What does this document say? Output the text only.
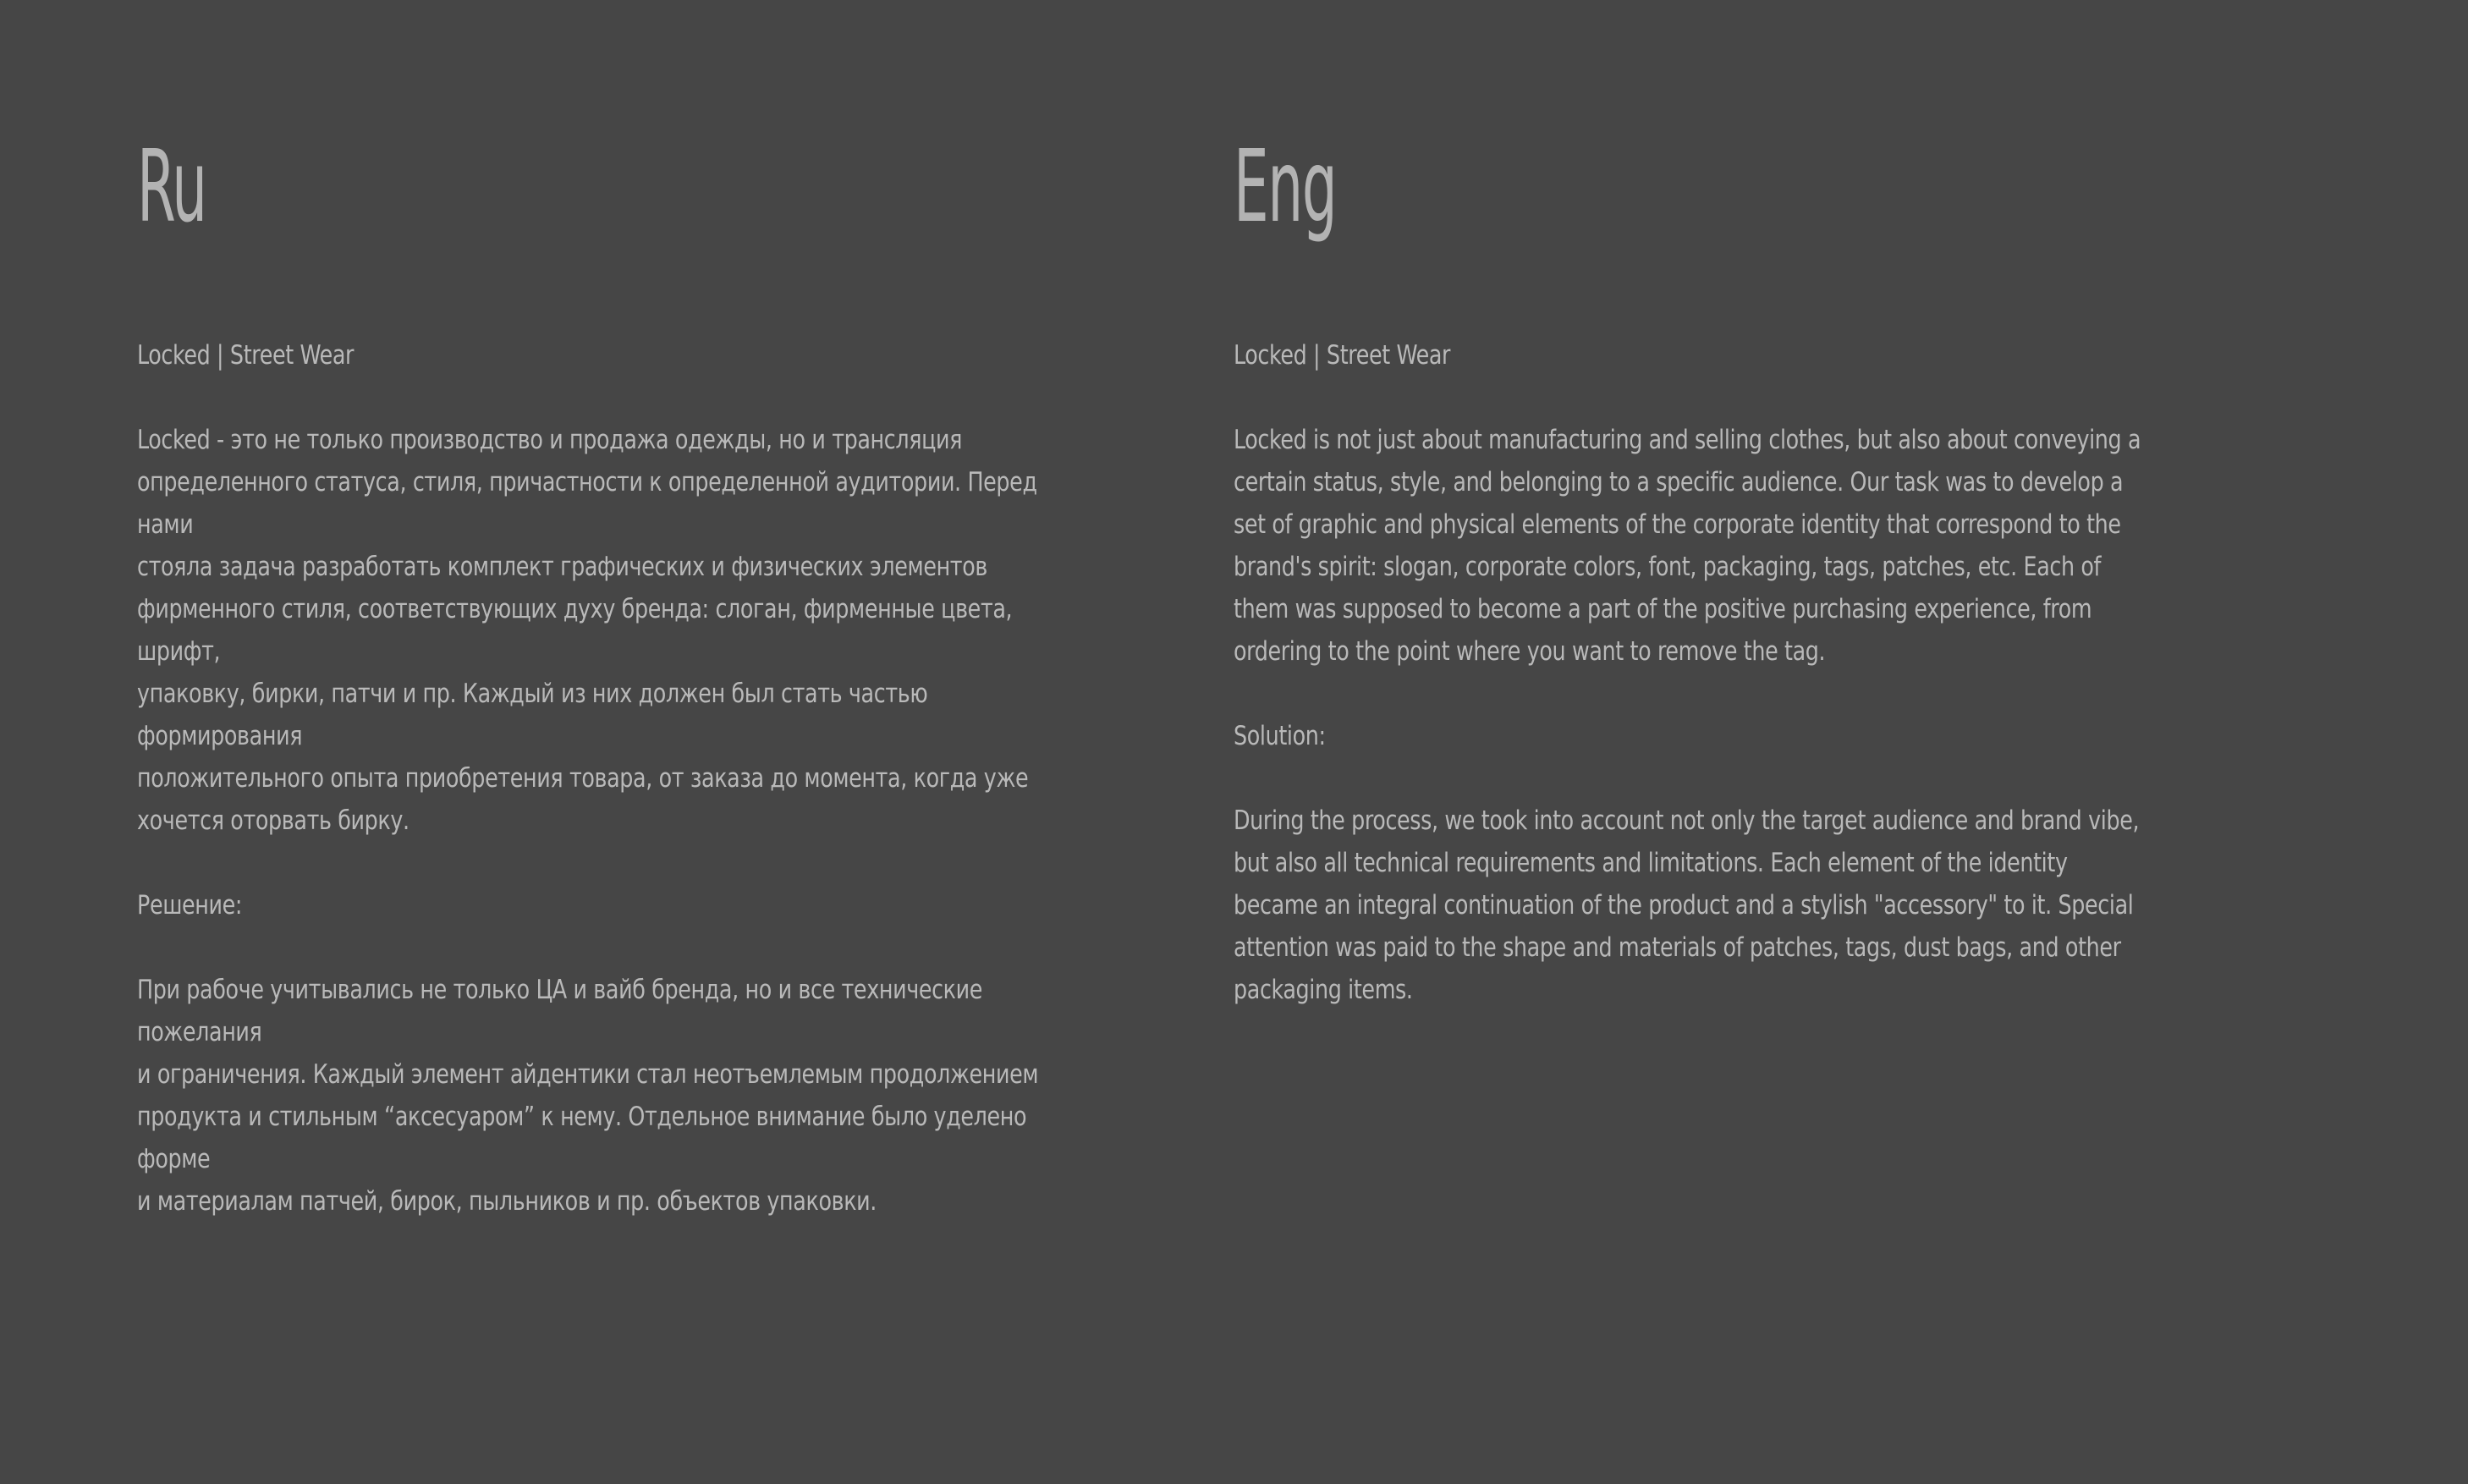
Ru

Locked | Street Wear

Locked - это не только производство и продажа одежды, но и трансляция
определенного статуса, стиля, причастности к определенной аудитории. Перед нами
стояла задача разработать комплект графических и физических элементов
фирменного стиля, соответствующих духу бренда: слоган, фирменные цвета, шрифт,
упаковку, бирки, патчи и пр. Каждый из них должен был стать частью формирования
положительного опыта приобретения товара, от заказа до момента, когда уже
хочется оторвать бирку.

Решение:

При рабоче учитывались не только ЦА и вайб бренда, но и все технические пожелания
и ограничения. Каждый элемент айдентики стал неотъемлемым продолжением
продукта и стильным “аксесуаром” к нему. Отдельное внимание было уделено форме
и материалам патчей, бирок, пыльников и пр. объектов упаковки.

Eng

Locked | Street Wear

Locked is not just about manufacturing and selling clothes, but also about conveying a
certain status, style, and belonging to a specific audience. Our task was to develop a
set of graphic and physical elements of the corporate identity that correspond to the
brand's spirit: slogan, corporate colors, font, packaging, tags, patches, etc. Each of
them was supposed to become a part of the positive purchasing experience, from
ordering to the point where you want to remove the tag.

Solution:

During the process, we took into account not only the target audience and brand vibe,
but also all technical requirements and limitations. Each element of the identity
became an integral continuation of the product and a stylish "accessory" to it. Special
attention was paid to the shape and materials of patches, tags, dust bags, and other
packaging items.
